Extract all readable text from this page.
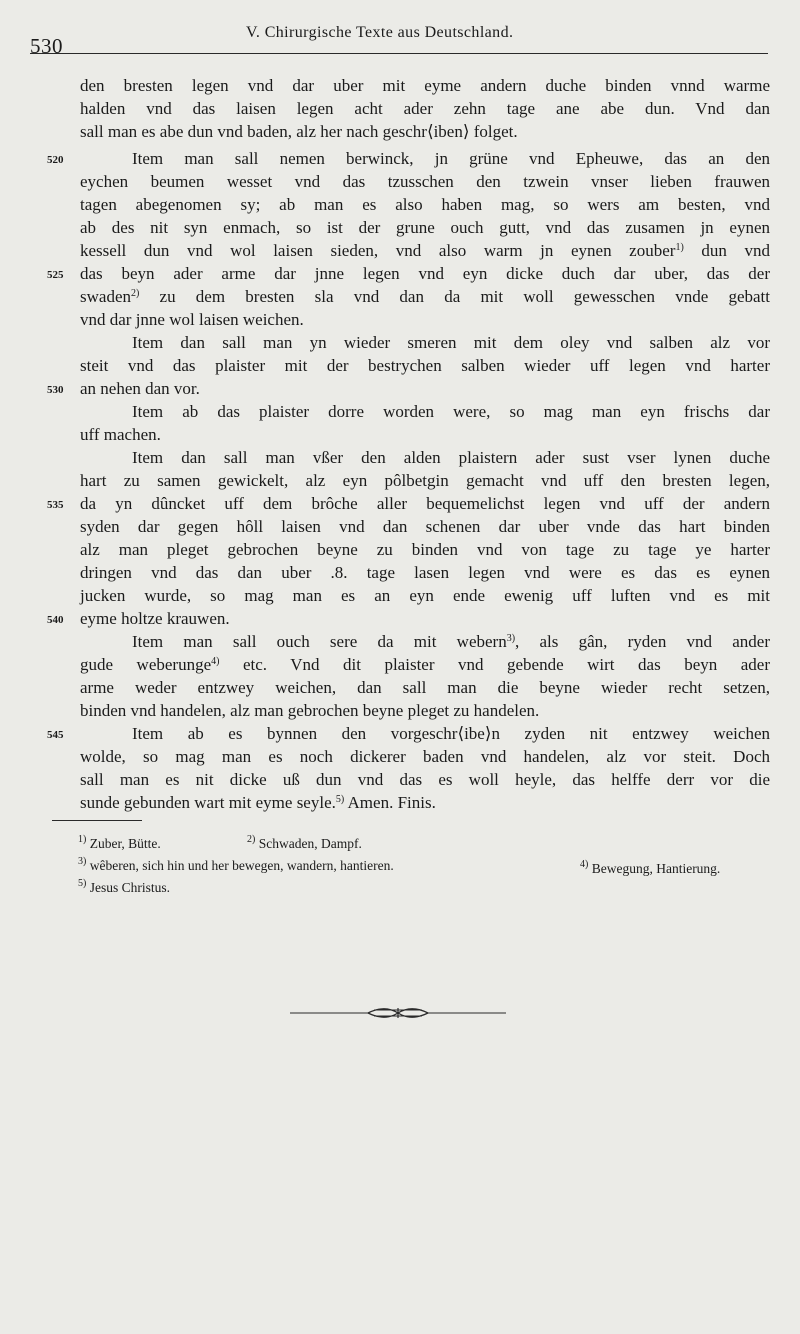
530
V. Chirurgische Texte aus Deutschland.
den bresten legen vnd dar uber mit eyme andern duche binden vnnd warme
halden vnd das laisen legen acht ader zehn tage ane abe dun. Vnd dan
sall man es abe dun vnd baden, alz her nach geschr⟨iben⟩ folget.
520	Item man sall nemen berwinck, jn grüne vnd Epheuwe, das an den
eychen beumen wesset vnd das tzusschen den tzwein vnser lieben frauwen
tagen abegenomen sy; ab man es also haben mag, so wers am besten, vnd
ab des nit syn enmach, so ist der grune ouch gutt, vnd das zusamen jn eynen
kessell dun vnd wol laisen sieden, vnd also warm jn eynen zouber$^{1)}$ dun vnd
525 das beyn ader arme dar jnne legen vnd eyn dicke duch dar uber, das der
swaden$^{2)}$ zu dem bresten sla vnd dan da mit woll gewesschen vnde gebatt
vnd dar jnne wol laisen weichen.
Item dan sall man yn wieder smeren mit dem oley vnd salben alz vor
steit vnd das plaister mit der bestrychen salben wieder uff legen vnd harter
530 an nehen dan vor.
Item ab das plaister dorre worden were, so mag man eyn frischs dar
uff machen.
Item dan sall man vßer den alden plaistern ader sust vser lynen duche
hart zu samen gewickelt, alz eyn pôlbetgin gemacht vnd uff den bresten legen,
535 da yn dûncket uff dem brôche aller bequemelichst legen vnd uff der andern
syden dar gegen hôll laisen vnd dan schenen dar uber vnde das hart binden
alz man pleget gebrochen beyne zu binden vnd von tage zu tage ye harter
dringen vnd das dan uber .8. tage lasen legen vnd were es das es eynen
jucken wurde, so mag man es an eyn ende ewenig uff luften vnd es mit
540 eyme holtze krauwen.
Item man sall ouch sere da mit webern$^{3)}$, als gân, ryden vnd ander
gude weberunge$^{4)}$ etc. Vnd dit plaister vnd gebende wirt das beyn ader
arme weder entzwey weichen, dan sall man die beyne wieder recht setzen,
binden vnd handelen, alz man gebrochen beyne pleget zu handelen.
545	Item ab es bynnen den vorgeschr⟨ibe⟩n zyden nit entzwey weichen
wolde, so mag man es noch dickerer baden vnd handelen, alz vor steit. Doch
sall man es nit dicke uß dun vnd das es woll heyle, das helffe derr vor die
sunde gebunden wart mit eyme seyle.$^{5)}$ Amen. Finis.
$^{1)}$ Zuber, Bütte.	$^{2)}$ Schwaden, Dampf.
$^{3)}$ wêberen, sich hin und her bewegen, wandern, hantieren.	$^{4)}$ Bewegung, Hantierung.
$^{5)}$ Jesus Christus.
